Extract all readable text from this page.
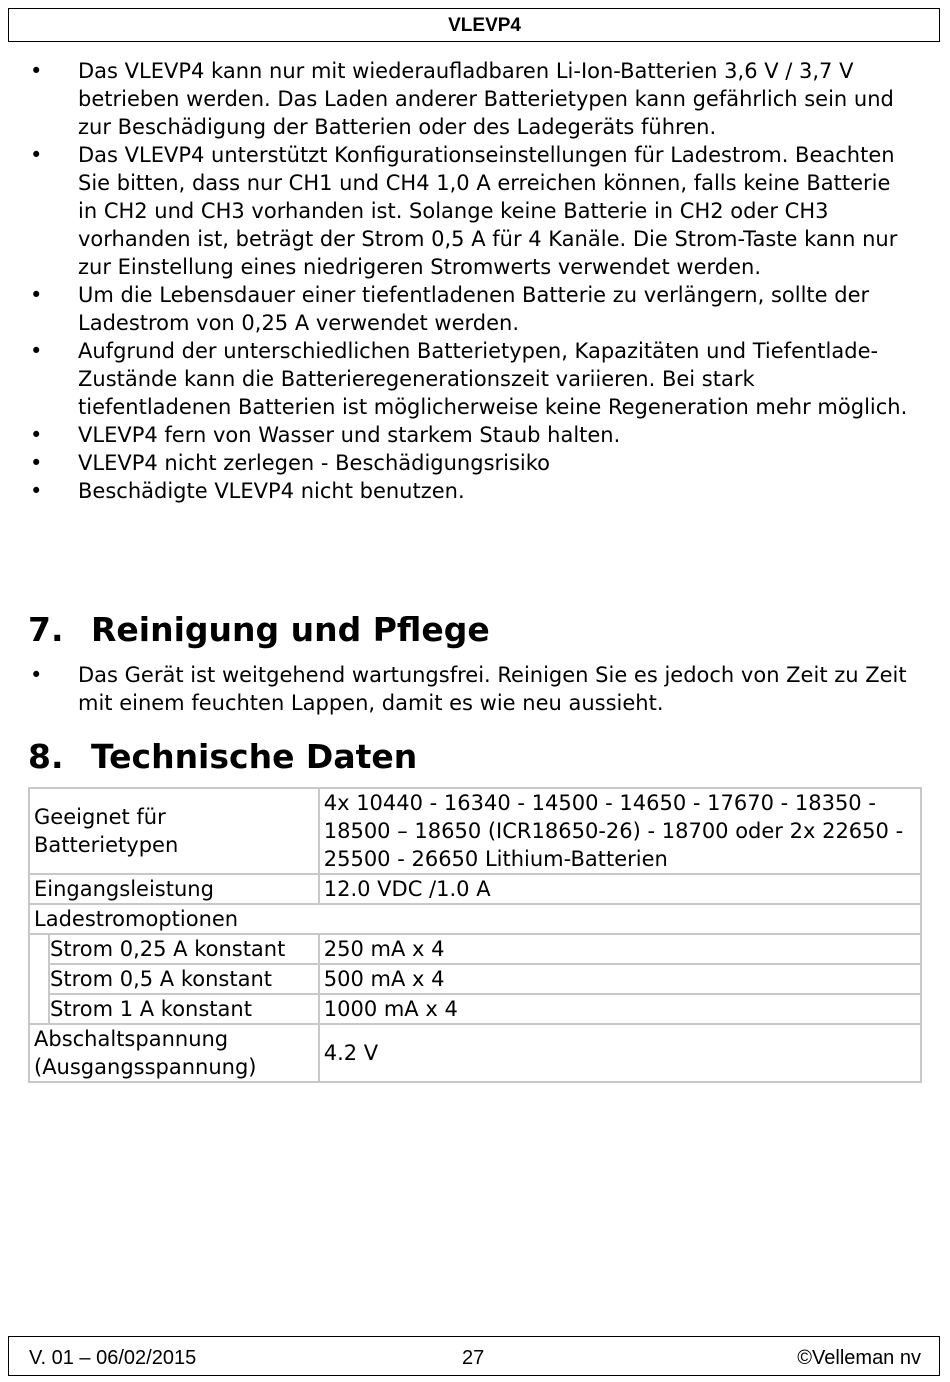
VLEVP4
• Das VLEVP4 kann nur mit wiederaufladbaren Li-Ion-Batterien 3,6 V / 3,7 V betrieben werden. Das Laden anderer Batterietypen kann gefährlich sein und zur Beschädigung der Batterien oder des Ladegeräts führen.
• Das VLEVP4 unterstützt Konfigurationseinstellungen für Ladestrom. Beachten Sie bitten, dass nur CH1 und CH4 1,0 A erreichen können, falls keine Batterie in CH2 und CH3 vorhanden ist. Solange keine Batterie in CH2 oder CH3 vorhanden ist, beträgt der Strom 0,5 A für 4 Kanäle. Die Strom-Taste kann nur zur Einstellung eines niedrigeren Stromwerts verwendet werden.
• Um die Lebensdauer einer tiefentladenen Batterie zu verlängern, sollte der Ladestrom von 0,25 A verwendet werden.
• Aufgrund der unterschiedlichen Batterietypen, Kapazitäten und Tiefentlade-Zustände kann die Batterieregenerationszeit variieren. Bei stark tiefentladenen Batterien ist möglicherweise keine Regeneration mehr möglich.
• VLEVP4 fern von Wasser und starkem Staub halten.
• VLEVP4 nicht zerlegen - Beschädigungsrisiko
• Beschädigte VLEVP4 nicht benutzen.
7. Reinigung und Pflege
• Das Gerät ist weitgehend wartungsfrei. Reinigen Sie es jedoch von Zeit zu Zeit mit einem feuchten Lappen, damit es wie neu aussieht.
8. Technische Daten
Geeignet für Batterietypen		4x 10440 - 16340 - 14500 - 14650 - 17670 - 18350 - 18500 – 18650 (ICR18650-26) - 18700 oder 2x 22650 - 25500 - 26650 Lithium-Batterien
Eingangsleistung		12.0 VDC /1.0 A
Ladestromoptionen		
	Strom 0,25 A konstant	250 mA x 4
	Strom 0,5 A konstant	500 mA x 4
	Strom 1 A konstant	1000 mA x 4
Abschaltspannung (Ausgangsspannung)		4.2 V
V. 01 – 06/02/2015	27	©Velleman nv
